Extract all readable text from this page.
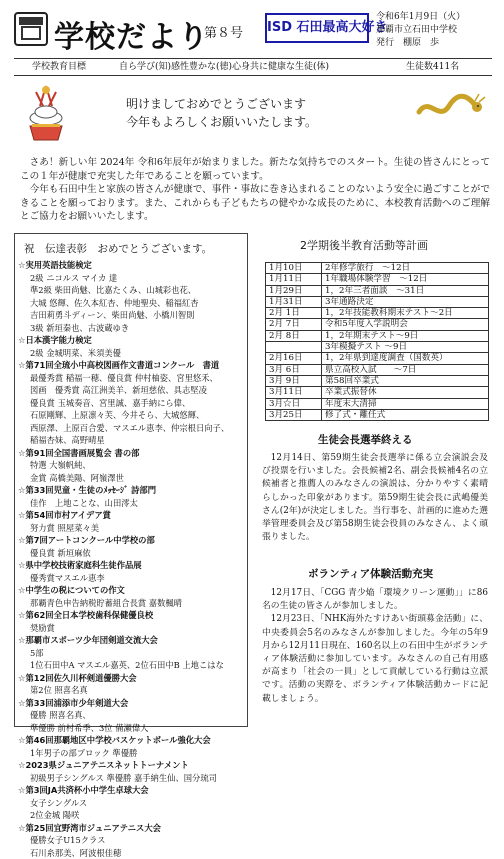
学校だより
第８号 ISD 石田最高大好き
令和6年1月9日（火）
那覇市立石田中学校
発行　棚原　歩
学校教育目標	自ら学び(知)感性豊かな(徳)心身共に健康な生徒(体)	生徒数411名
明けましておめでとうございます
今年もよろしくお願いいたします。

さあ！新しい年 2024年 令和6年辰年が始まりました。新たな気持ちでのスタート。生徒の皆さんにとってこの１年が健康で充実した年であることを願っています。

今年も石田中生と家族の皆さんが健康で、事件・事故に巻き込まれることのないよう安全に過ごすことができることを願っております。また、これからも子どもたちの健やかな成長のために、本校教育活動へのご理解とご協力をお願いいたします。

祝　伝達表彰　おめでとうございます。
☆実用英語技能検定
2級 ニコルス マイカ 達
準2級 柴田尚魅、比嘉たくみ、山城彩也花、
大城 悠輝、佐久本紅杏、仲地聖央、稲福紅杏
吉田莉勇斗ディーン、柴田尚魅、小橋川智則
3級 新垣秦也、古波蔵ゆき
☆日本漢字能力検定
2級 金城明菜、米須美優
☆第71回全琉小中高校図画作文書道コンクール　書道
最優秀賞 稲福一穂、優良賞 仲村柚姿、宮里悠禾、
図画　優秀賞 高江洲美羊、新垣慈依、具志堅凌
優良賞 玉城奏音、宮里誠、嘉手納にら偉、
石原剛輝、上原凛々芙、今井そら、大城悠輝、
西原澤、上原百合愛、マスエル恵李、仲宗根日向子、
稲福杏妹、高野晴星
☆第91回全国書画展覧会 書の部
特選 大嶺帆純、
金賞 高橋美陽、阿嶺澤世
☆第33回児童・生徒のﾒｯｾｰｼﾞ 詩部門
佳作　上地ことな、山田澪太
☆第54回市村アイデア賞
努力賞 照屋菜々美
☆第7回アートコンクール中学校の部
優良賞 新垣麻依
☆県中学校技術家庭科生徒作品展
優秀賞マスエル恵李
☆中学生の税についての作文
那覇青色申告納税貯蓄組合長賞 嘉数楓晴
☆第62回全日本学校歯科保健優良校
奨励賞
☆那覇市スポーツ少年団剣道交流大会
5部
1位石田中A マスエル嘉英、2位石田中B 上地こはな
☆第12回佐久川杯剣道優勝大会
第2位 照喜名真
☆第33回浦添市少年剣道大会
優勝 照喜名真、
準優勝 前村希季、3位 備瀬偉人
☆第46回那覇地区中学校バスケットボール強化大会
1年男子の部ブロック 準優勝
☆2023県ジュニアテニスネットトーナメント
初級男子シングルス 準優勝 嘉手納生仙、国分琉司
☆第3回JA共済杯小中学生卓球大会
女子シングルス
2位金城 陽咲
☆第25回宜野湾市ジュニアテニス大会
優勝女子U15クラス
石川糸那美、阿波根佳穂
2学期後半教育活動等計画
1月10日	2年修学旅行　～12日
1月11日	1年職場体験学習　～12日
1月29日	1，2年三者面談　～31日
1月31日	3年通路決定
2月 1日	1，2年技能教科期末テスト～2日
2月 7日	令和5年度入学説明会
2月 8日	1，2年期末テスト～9日
	3年模擬テスト ～9日
2月16日	1，2年県到達度調査（国数英）
3月 6日	県立高校入試　　～7日
3月 9日	第58回卒業式
3月11日	卒業式振替休
3月☆日	年度末大清掃
3月25日	修了式・離任式
生徒会長選挙終える

12月14日、第59期生徒会長選挙に係る立会演説会及び投票を行いました。会長候補2名、副会長候補4名の立候補者と推薦人のみなさんの演説は、分かりやすく素晴らしかった印象があります。第59期生徒会長に武嶋優美さん(2年)が決定しました。当行事を、計画的に進めた選挙管理委員会及び第58期生徒会役員のみなさん、よく頑張りました。

ボランティア体験活動充実

12月17日、「CGG 青少焔「環境クリーン運動」」に86名の生徒の皆さんが参加しました。

12月23日、「NHK海外たすけあい街頭募金活動」に、中央委員会5名のみなさんが参加しました。今年の5年9月から12月11日現在、160名以上の石田中生がボランティア体験活動に参加しています。みなさんの自己有用感が高まり「社会の一員」として貢献している行動は立派です。活動の実際を、ボランティア体験活動カードに記載しましょう。
